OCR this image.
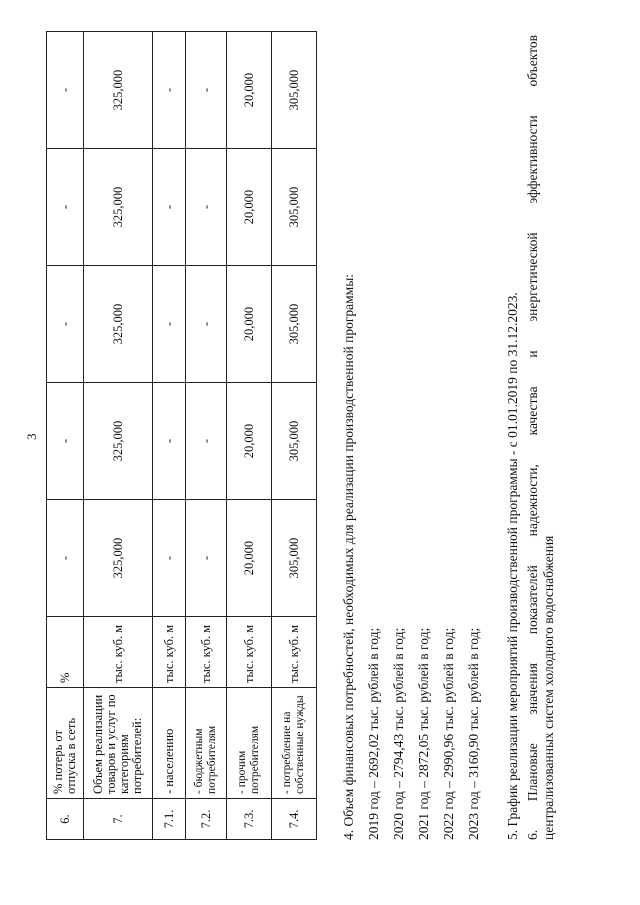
3
6.	% потерь от отпуска в сеть	%	-	-	-	-	-
7.	Объем реализации товаров и услуг по категориям потребителей:	тыс. куб. м	325,000	325,000	325,000	325,000	325,000
7.1.	- населению	тыс. куб. м	-	-	-	-	-
7.2.	- бюджетным потребителям	тыс. куб. м	-	-	-	-	-
7.3.	- прочим потребителям	тыс. куб. м	20,000	20,000	20,000	20,000	20,000
7.4.	- потребление на собственные нужды	тыс. куб. м	305,000	305,000	305,000	305,000	305,000

4. Объем финансовых потребностей, необходимых для реализации производственной программы: 2019 год – 2692,02 тыс. рублей в год; 2020 год – 2794,43 тыс. рублей в год; 2021 год – 2872,05 тыс. рублей в год; 2022 год – 2990,96 тыс. рублей в год; 2023 год – 3160,90 тыс. рублей в год;	5. График реализации мероприятий производственной программы - с 01.01.2019 по 31.12.2023. 6. Плановые значения показателей надежности, качества и энергетической эффективности объектов централизованных систем холодного водоснабжения
